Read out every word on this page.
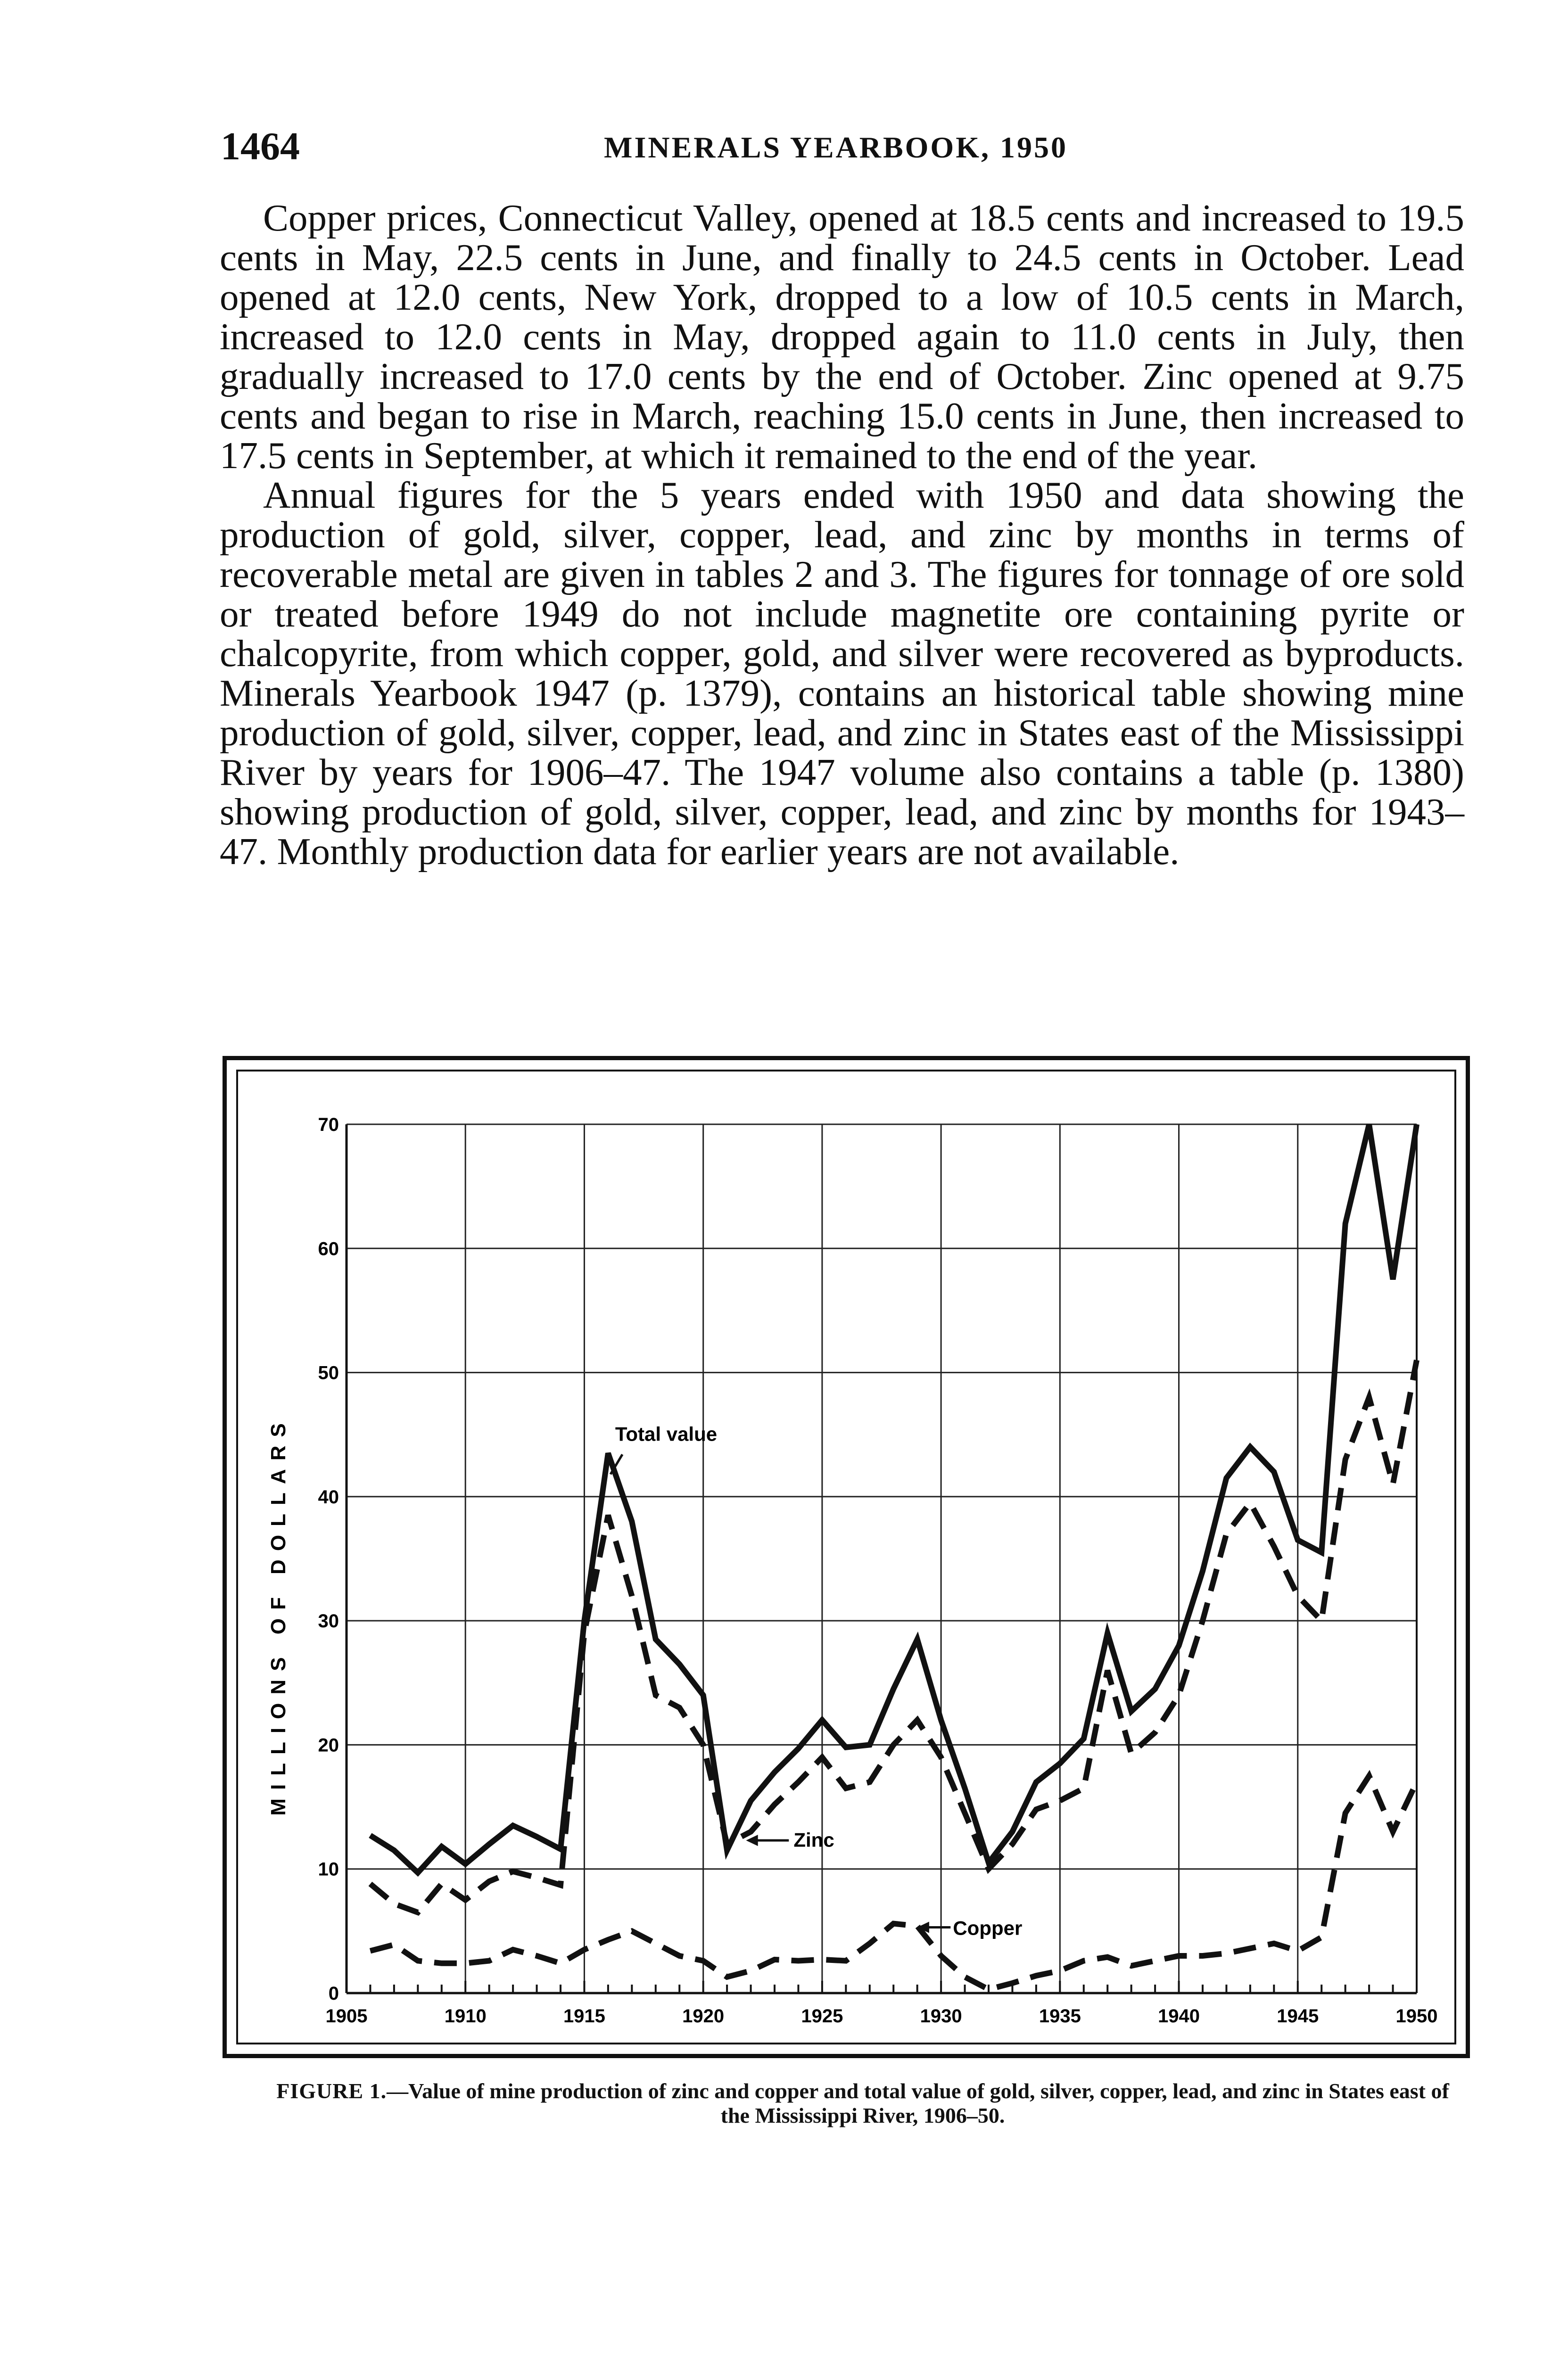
1464	MINERALS YEARBOOK, 1950

Copper prices, Connecticut Valley, opened at 18.5 cents and increased to 19.5 cents in May, 22.5 cents in June, and finally to 24.5 cents in October. Lead opened at 12.0 cents, New York, dropped to a low of 10.5 cents in March, increased to 12.0 cents in May, dropped again to 11.0 cents in July, then gradually increased to 17.0 cents by the end of October. Zinc opened at 9.75 cents and began to rise in March, reaching 15.0 cents in June, then increased to 17.5 cents in September, at which it remained to the end of the year.

Annual figures for the 5 years ended with 1950 and data showing the production of gold, silver, copper, lead, and zinc by months in terms of recoverable metal are given in tables 2 and 3. The figures for tonnage of ore sold or treated before 1949 do not include magnetite ore containing pyrite or chalcopyrite, from which copper, gold, and silver were recovered as byproducts. Minerals Yearbook 1947 (p. 1379), contains an historical table showing mine production of gold, silver, copper, lead, and zinc in States east of the Mississippi River by years for 1906–47. The 1947 volume also contains a table (p. 1380) showing production of gold, silver, copper, lead, and zinc by months for 1943–47. Monthly production data for earlier years are not available.

1905	1910	1915	1920	1925	1930	1935	1940	1945	1950
0
10
20
30
40
50
60
70
MILLIONS OF DOLLARS	Total value
Zinc
Copper
FIGURE 1.—Value of mine production of zinc and copper and total value of gold, silver, copper, lead, and zinc in States east of the Mississippi River, 1906–50.
